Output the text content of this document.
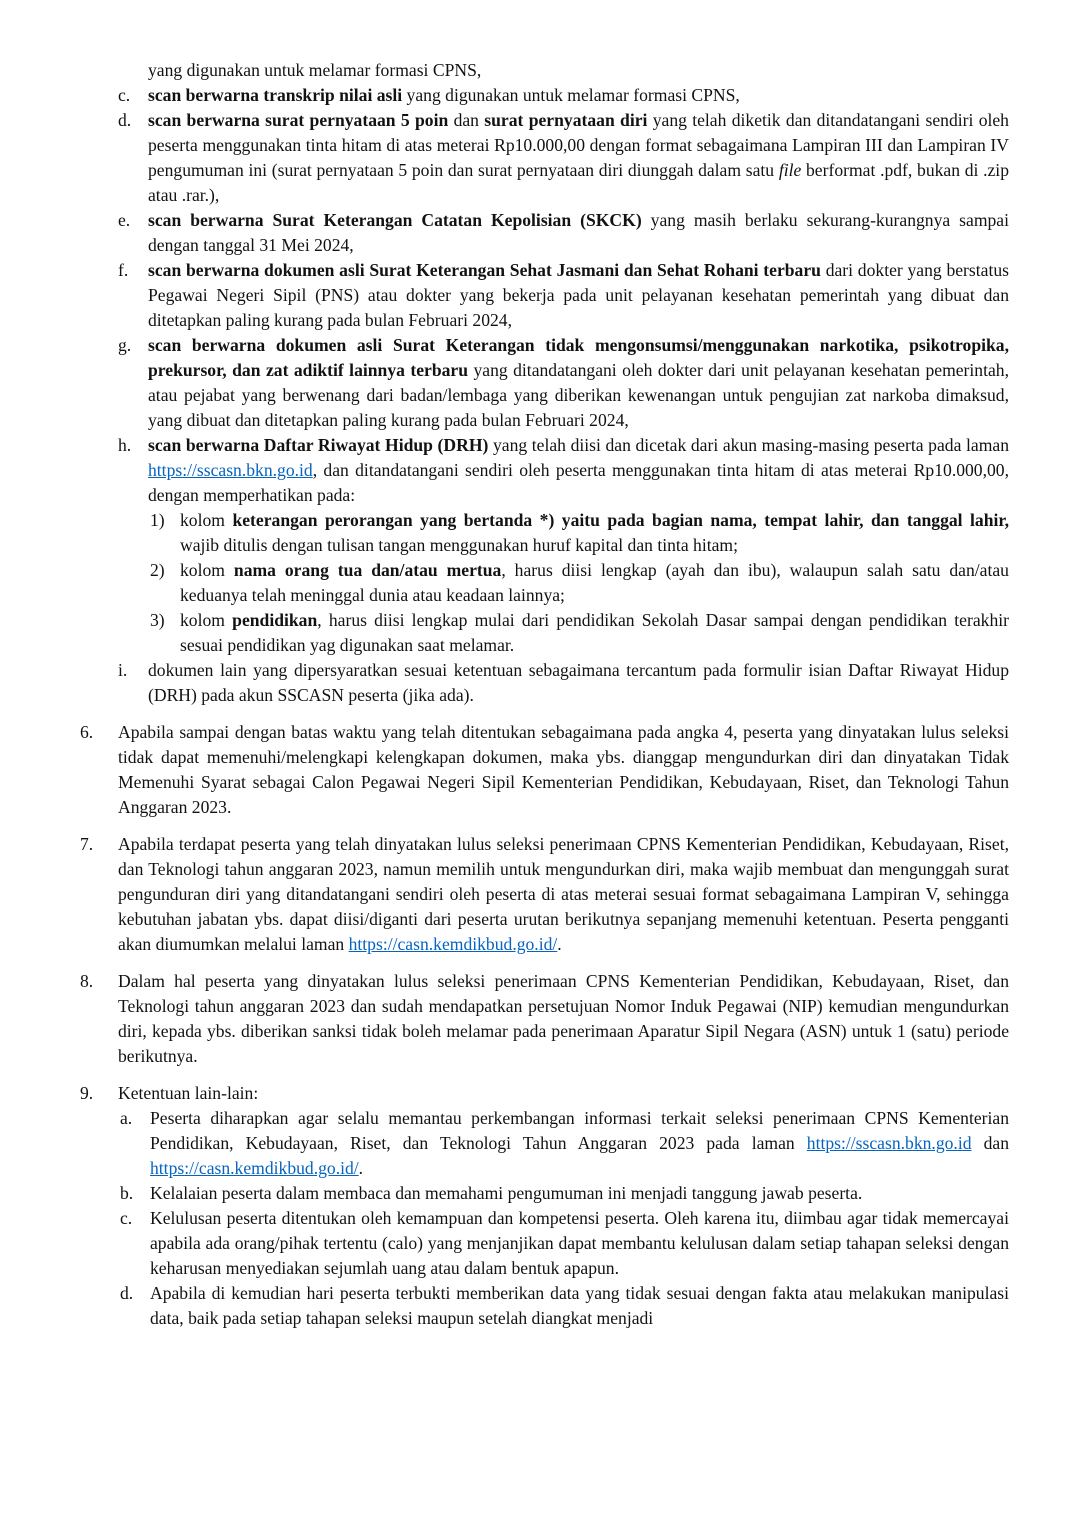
yang digunakan untuk melamar formasi CPNS,
c.	scan berwarna transkrip nilai asli yang digunakan untuk melamar formasi CPNS,
d. scan berwarna surat pernyataan 5 poin dan surat pernyataan diri yang telah diketik dan ditandatangani sendiri oleh peserta menggunakan tinta hitam di atas meterai Rp10.000,00 dengan format sebagaimana Lampiran III dan Lampiran IV pengumuman ini (surat pernyataan 5 poin dan surat pernyataan diri diunggah dalam satu file berformat .pdf, bukan di .zip atau .rar.),
e.	scan berwarna Surat Keterangan Catatan Kepolisian (SKCK) yang masih berlaku sekurang-kurangnya sampai dengan tanggal 31 Mei 2024,
f.	scan berwarna dokumen asli Surat Keterangan Sehat Jasmani dan Sehat Rohani terbaru dari dokter yang berstatus Pegawai Negeri Sipil (PNS) atau dokter yang bekerja pada unit pelayanan kesehatan pemerintah yang dibuat dan ditetapkan paling kurang pada bulan Februari 2024,
g. scan berwarna dokumen asli Surat Keterangan tidak mengonsumsi/menggunakan narkotika, psikotropika, prekursor, dan zat adiktif lainnya terbaru yang ditandatangani oleh dokter dari unit pelayanan kesehatan pemerintah, atau pejabat yang berwenang dari badan/lembaga yang diberikan kewenangan untuk pengujian zat narkoba dimaksud, yang dibuat dan ditetapkan paling kurang pada bulan Februari 2024,
h. scan berwarna Daftar Riwayat Hidup (DRH) yang telah diisi dan dicetak dari akun masing-masing peserta pada laman https://sscasn.bkn.go.id, dan ditandatangani sendiri oleh peserta menggunakan tinta hitam di atas meterai Rp10.000,00, dengan memperhatikan pada:
1) kolom keterangan perorangan yang bertanda *) yaitu pada bagian nama, tempat lahir, dan tanggal lahir, wajib ditulis dengan tulisan tangan menggunakan huruf kapital dan tinta hitam;
2) kolom nama orang tua dan/atau mertua, harus diisi lengkap (ayah dan ibu), walaupun salah satu dan/atau keduanya telah meninggal dunia atau keadaan lainnya;
3) kolom pendidikan, harus diisi lengkap mulai dari pendidikan Sekolah Dasar sampai dengan pendidikan terakhir sesuai pendidikan yag digunakan saat melamar.
i.	dokumen lain yang dipersyaratkan sesuai ketentuan sebagaimana tercantum pada formulir isian Daftar Riwayat Hidup (DRH) pada akun SSCASN peserta (jika ada).
6.	Apabila sampai dengan batas waktu yang telah ditentukan sebagaimana pada angka 4, peserta yang dinyatakan lulus seleksi tidak dapat memenuhi/melengkapi kelengkapan dokumen, maka ybs. dianggap mengundurkan diri dan dinyatakan Tidak Memenuhi Syarat sebagai Calon Pegawai Negeri Sipil Kementerian Pendidikan, Kebudayaan, Riset, dan Teknologi Tahun Anggaran 2023.
7.	Apabila terdapat peserta yang telah dinyatakan lulus seleksi penerimaan CPNS Kementerian Pendidikan, Kebudayaan, Riset, dan Teknologi tahun anggaran 2023, namun memilih untuk mengundurkan diri, maka wajib membuat dan mengunggah surat pengunduran diri yang ditandatangani sendiri oleh peserta di atas meterai sesuai format sebagaimana Lampiran V, sehingga kebutuhan jabatan ybs. dapat diisi/diganti dari peserta urutan berikutnya sepanjang memenuhi ketentuan. Peserta pengganti akan diumumkan melalui laman https://casn.kemdikbud.go.id/.
8.	Dalam hal peserta yang dinyatakan lulus seleksi penerimaan CPNS Kementerian Pendidikan, Kebudayaan, Riset, dan Teknologi tahun anggaran 2023 dan sudah mendapatkan persetujuan Nomor Induk Pegawai (NIP) kemudian mengundurkan diri, kepada ybs. diberikan sanksi tidak boleh melamar pada penerimaan Aparatur Sipil Negara (ASN) untuk 1 (satu) periode berikutnya.
9.	Ketentuan lain-lain:
a.	Peserta diharapkan agar selalu memantau perkembangan informasi terkait seleksi penerimaan CPNS Kementerian Pendidikan, Kebudayaan, Riset, dan Teknologi Tahun Anggaran 2023 pada laman https://sscasn.bkn.go.id dan https://casn.kemdikbud.go.id/.
b. Kelalaian peserta dalam membaca dan memahami pengumuman ini menjadi tanggung jawab peserta.
c.	Kelulusan peserta ditentukan oleh kemampuan dan kompetensi peserta. Oleh karena itu, diimbau agar tidak memercayai apabila ada orang/pihak tertentu (calo) yang menjanjikan dapat membantu kelulusan dalam setiap tahapan seleksi dengan keharusan menyediakan sejumlah uang atau dalam bentuk apapun.
d. Apabila di kemudian hari peserta terbukti memberikan data yang tidak sesuai dengan fakta atau melakukan manipulasi data, baik pada setiap tahapan seleksi maupun setelah diangkat menjadi
